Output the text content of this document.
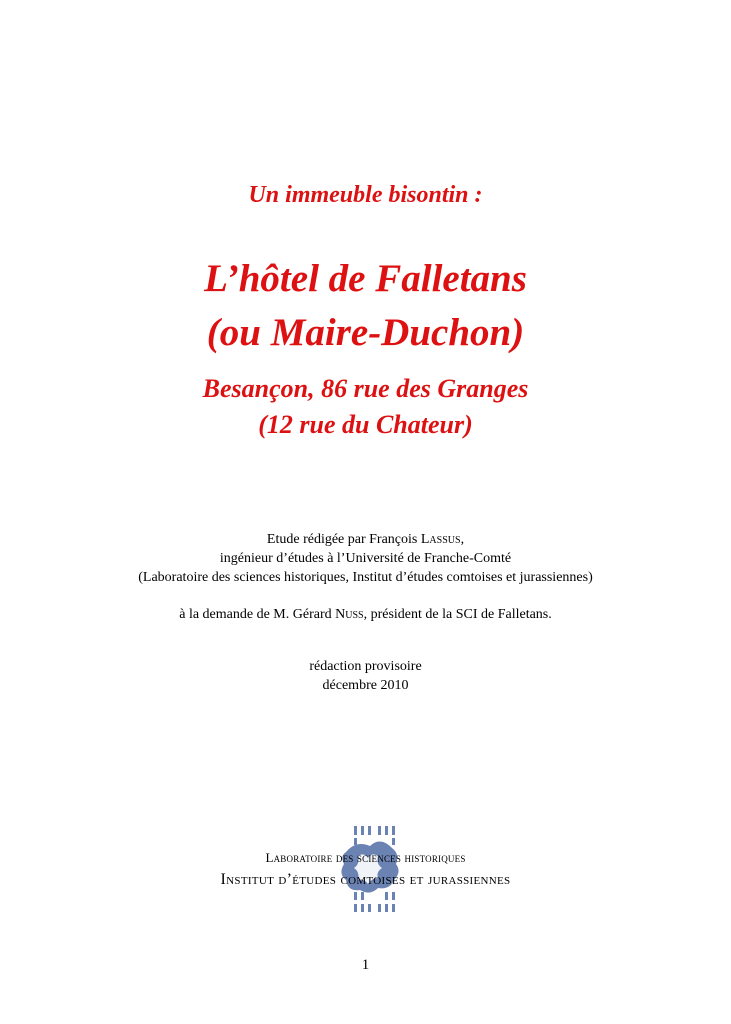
Un immeuble bisontin :
L’hôtel de Falletans
(ou Maire-Duchon)
Besançon, 86 rue des Granges
(12 rue du Chateur)
Etude rédigée par François Lassus,
ingénieur d’études à l’Université de Franche-Comté
(Laboratoire des sciences historiques, Institut d’études comtoises et jurassiennes)
à la demande de M. Gérard Nuss, président de la SCI de Falletans.
rédaction provisoire
décembre 2010
Laboratoire des sciences historiques
Institut d’études comtoises et jurassiennes
1
